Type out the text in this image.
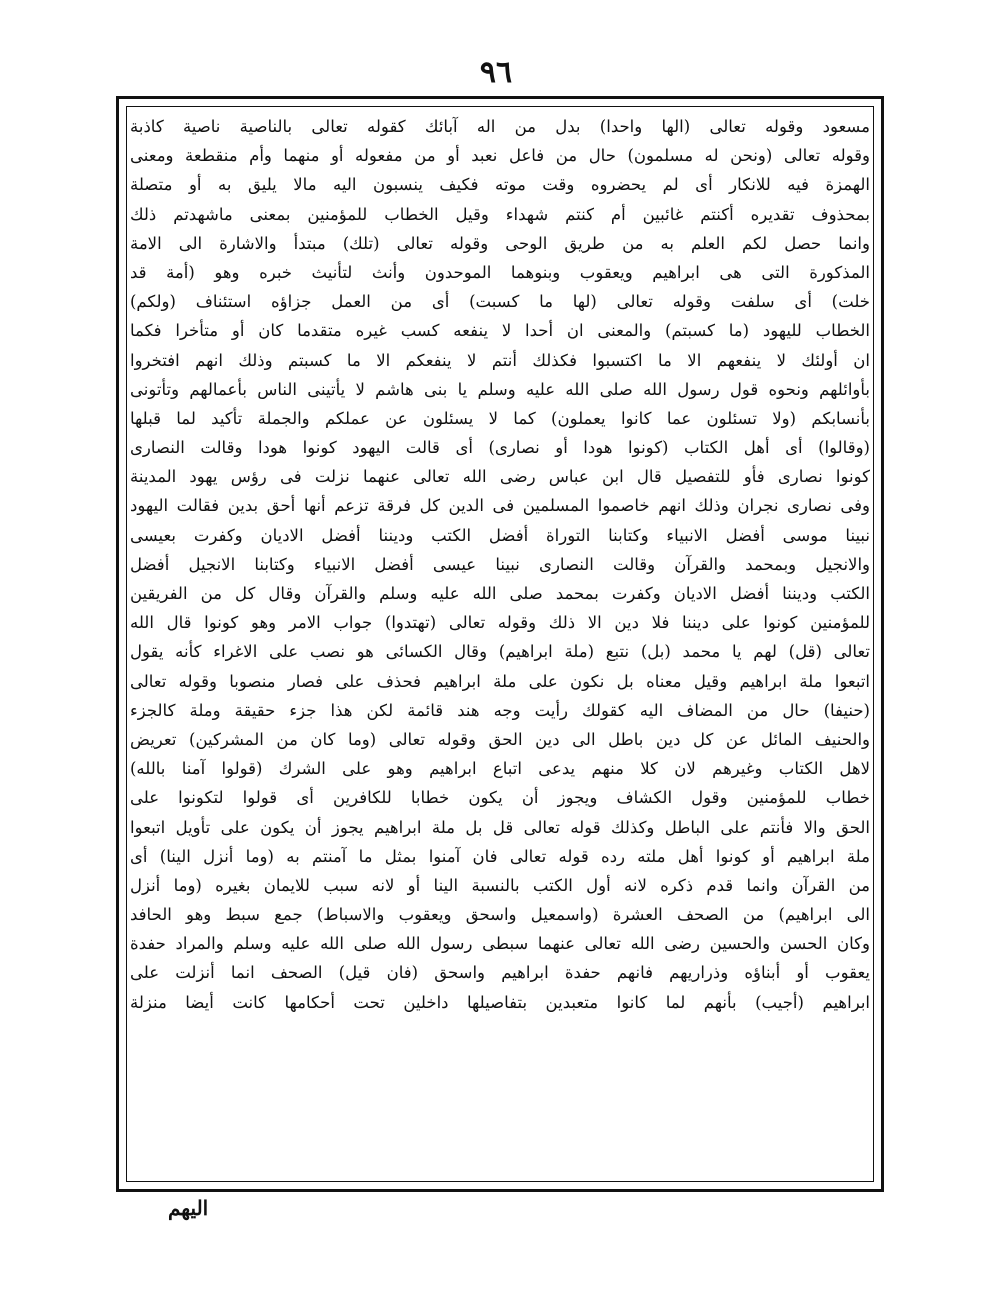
٩٦
مسعود وقوله تعالى (الها واحدا) بدل من اله آبائك كقوله تعالى بالناصية ناصية كاذبة
وقوله تعالى (ونحن له مسلمون) حال من فاعل نعبد أو من مفعوله أو منهما وأم منقطعة ومعنى
الهمزة فيه للانكار أى لم يحضروه وقت موته فكيف ينسبون اليه مالا يليق به أو متصلة
بمحذوف تقديره أكنتم غائبين أم كنتم شهداء وقيل الخطاب للمؤمنين بمعنى ماشهدتم ذلك
وانما حصل لكم العلم به من طريق الوحى وقوله تعالى (تلك) مبتدأ والاشارة الى الامة
المذكورة التى هى ابراهيم ويعقوب وبنوهما الموحدون وأنث لتأنيث خبره وهو (أمة قد
خلت) أى سلفت وقوله تعالى (لها ما كسبت) أى من العمل جزاؤه استئناف (ولكم)
الخطاب لليهود (ما كسبتم) والمعنى ان أحدا لا ينفعه كسب غيره متقدما كان أو متأخرا فكما
ان أولئك لا ينفعهم الا ما اكتسبوا فكذلك أنتم لا ينفعكم الا ما كسبتم وذلك انهم افتخروا
بأوائلهم ونحوه قول رسول الله صلى الله عليه وسلم يا بنى هاشم لا يأتينى الناس بأعمالهم وتأتونى
بأنسابكم (ولا تسئلون عما كانوا يعملون) كما لا يسئلون عن عملكم والجملة تأكيد لما قبلها
(وقالوا) أى أهل الكتاب (كونوا هودا أو نصارى) أى قالت اليهود كونوا هودا وقالت النصارى
كونوا نصارى فأو للتفصيل قال ابن عباس رضى الله تعالى عنهما نزلت فى رؤس يهود المدينة
وفى نصارى نجران وذلك انهم خاصموا المسلمين فى الدين كل فرقة تزعم أنها أحق بدين فقالت اليهود
نبينا موسى أفضل الانبياء وكتابنا التوراة أفضل الكتب وديننا أفضل الاديان وكفرت بعيسى
والانجيل وبمحمد والقرآن وقالت النصارى نبينا عيسى أفضل الانبياء وكتابنا الانجيل أفضل
الكتب وديننا أفضل الاديان وكفرت بمحمد صلى الله عليه وسلم والقرآن وقال كل من الفريقين
للمؤمنين كونوا على ديننا فلا دين الا ذلك وقوله تعالى (تهتدوا) جواب الامر وهو كونوا قال الله
تعالى (قل) لهم يا محمد (بل) نتبع (ملة ابراهيم) وقال الكسائى هو نصب على الاغراء كأنه يقول
اتبعوا ملة ابراهيم وقيل معناه بل نكون على ملة ابراهيم فحذف على فصار منصوبا وقوله تعالى
(حنيفا) حال من المضاف اليه كقولك رأيت وجه هند قائمة لكن هذا جزء حقيقة وملة كالجزء
والحنيف المائل عن كل دين باطل الى دين الحق وقوله تعالى (وما كان من المشركين) تعريض
لاهل الكتاب وغيرهم لان كلا منهم يدعى اتباع ابراهيم وهو على الشرك (قولوا آمنا بالله)
خطاب للمؤمنين وقول الكشاف ويجوز أن يكون خطابا للكافرين أى قولوا لتكونوا على
الحق والا فأنتم على الباطل وكذلك قوله تعالى قل بل ملة ابراهيم يجوز أن يكون على تأويل اتبعوا
ملة ابراهيم أو كونوا أهل ملته رده قوله تعالى فان آمنوا بمثل ما آمنتم به (وما أنزل الينا) أى
من القرآن وانما قدم ذكره لانه أول الكتب بالنسبة الينا أو لانه سبب للايمان بغيره (وما أنزل
الى ابراهيم) من الصحف العشرة (واسمعيل واسحق ويعقوب والاسباط) جمع سبط وهو الحافد
وكان الحسن والحسين رضى الله تعالى عنهما سبطى رسول الله صلى الله عليه وسلم والمراد حفدة
يعقوب أو أبناؤه وذراريهم فانهم حفدة ابراهيم واسحق (فان قيل) الصحف انما أنزلت على
ابراهيم (أجيب) بأنهم لما كانوا متعبدين بتفاصيلها داخلين تحت أحكامها كانت أيضا منزلة
اليهم
